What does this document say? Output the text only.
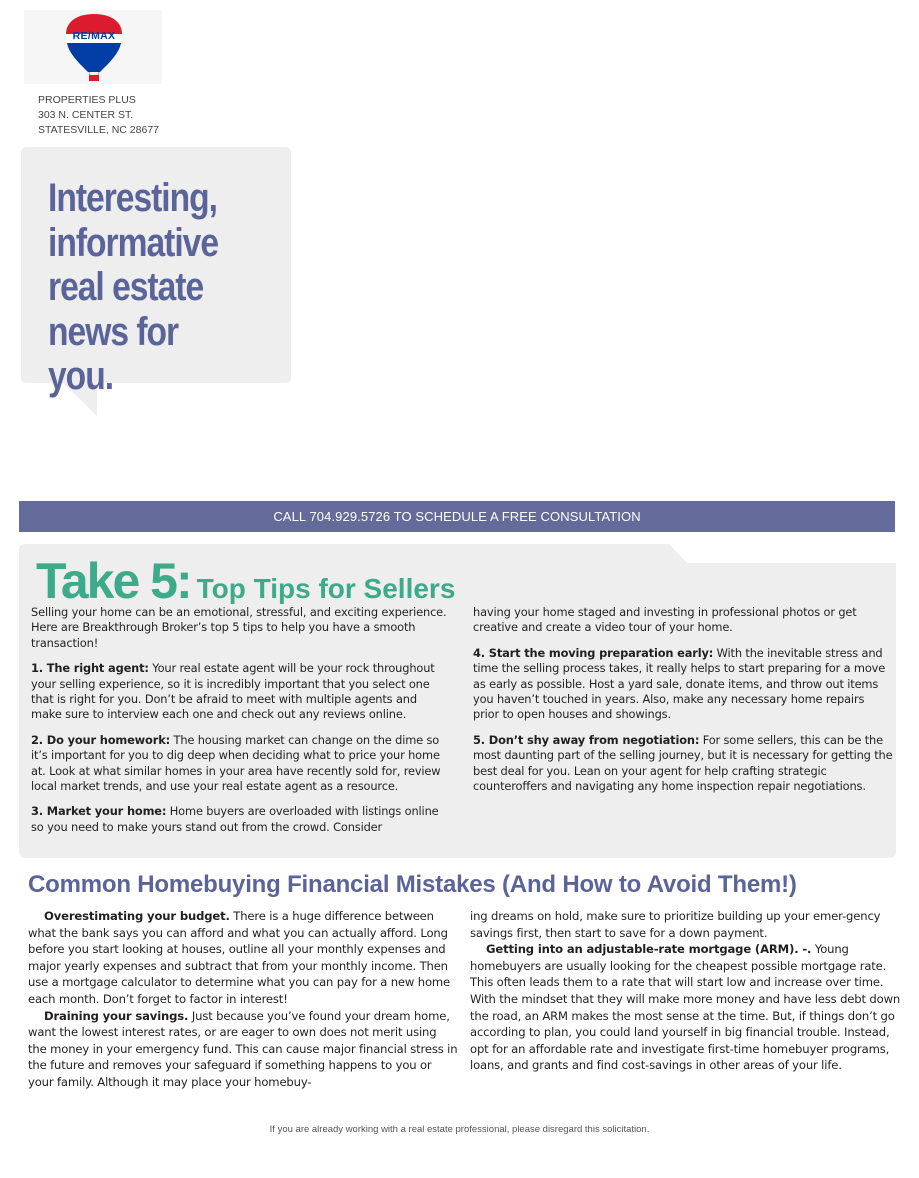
RE/MAX
PROPERTIES PLUS
303 N. CENTER ST.
STATESVILLE, NC 28677
Interesting,
informative
real estate
news for you.
CALL 704.929.5726 TO SCHEDULE A FREE CONSULTATION
Take 5: Top Tips for Sellers

Selling your home can be an emotional, stressful, and exciting experience. Here are Breakthrough Broker’s top 5 tips to help you have a smooth transaction!

1. The right agent: Your real estate agent will be your rock throughout your selling experience, so it is incredibly important that you select one that is right for you. Don’t be afraid to meet with multiple agents and make sure to interview each one and check out any reviews online.

2. Do your homework: The housing market can change on the dime so it’s important for you to dig deep when deciding what to price your home at. Look at what similar homes in your area have recently sold for, review local market trends, and use your real estate agent as a resource.

3. Market your home: Home buyers are overloaded with listings online so you need to make yours stand out from the crowd. Consider

having your home staged and investing in professional photos or get creative and create a video tour of your home.

4. Start the moving preparation early: With the inevitable stress and time the selling process takes, it really helps to start preparing for a move as early as possible. Host a yard sale, donate items, and throw out items you haven’t touched in years. Also, make any necessary home repairs prior to open houses and showings.

5. Don’t shy away from negotiation: For some sellers, this can be the most daunting part of the selling journey, but it is necessary for getting the best deal for you. Lean on your agent for help crafting strategic counteroffers and navigating any home inspection repair negotiations.

Common Homebuying Financial Mistakes (And How to Avoid Them!)
Overestimating your budget. There is a huge difference between what the bank says you can afford and what you can actually afford. Long before you start looking at houses, outline all your monthly expenses and major yearly expenses and subtract that from your monthly income. Then use a mortgage calculator to determine what you can pay for a new home each month. Don’t forget to factor in interest!
Draining your savings. Just because you’ve found your dream home, want the lowest interest rates, or are eager to own does not merit using the money in your emergency fund. This can cause major financial stress in the future and removes your safeguard if something happens to you or your family. Although it may place your homebuy-
ing dreams on hold, make sure to prioritize building up your emer-gency savings first, then start to save for a down payment.
Getting into an adjustable-rate mortgage (ARM). -. Young homebuyers are usually looking for the cheapest possible mortgage rate. This often leads them to a rate that will start low and increase over time. With the mindset that they will make more money and have less debt down the road, an ARM makes the most sense at the time. But, if things don’t go according to plan, you could land yourself in big financial trouble. Instead, opt for an affordable rate and investigate first-time homebuyer programs, loans, and grants and find cost-savings in other areas of your life.
If you are already working with a real estate professional, please disregard this solicitation.
